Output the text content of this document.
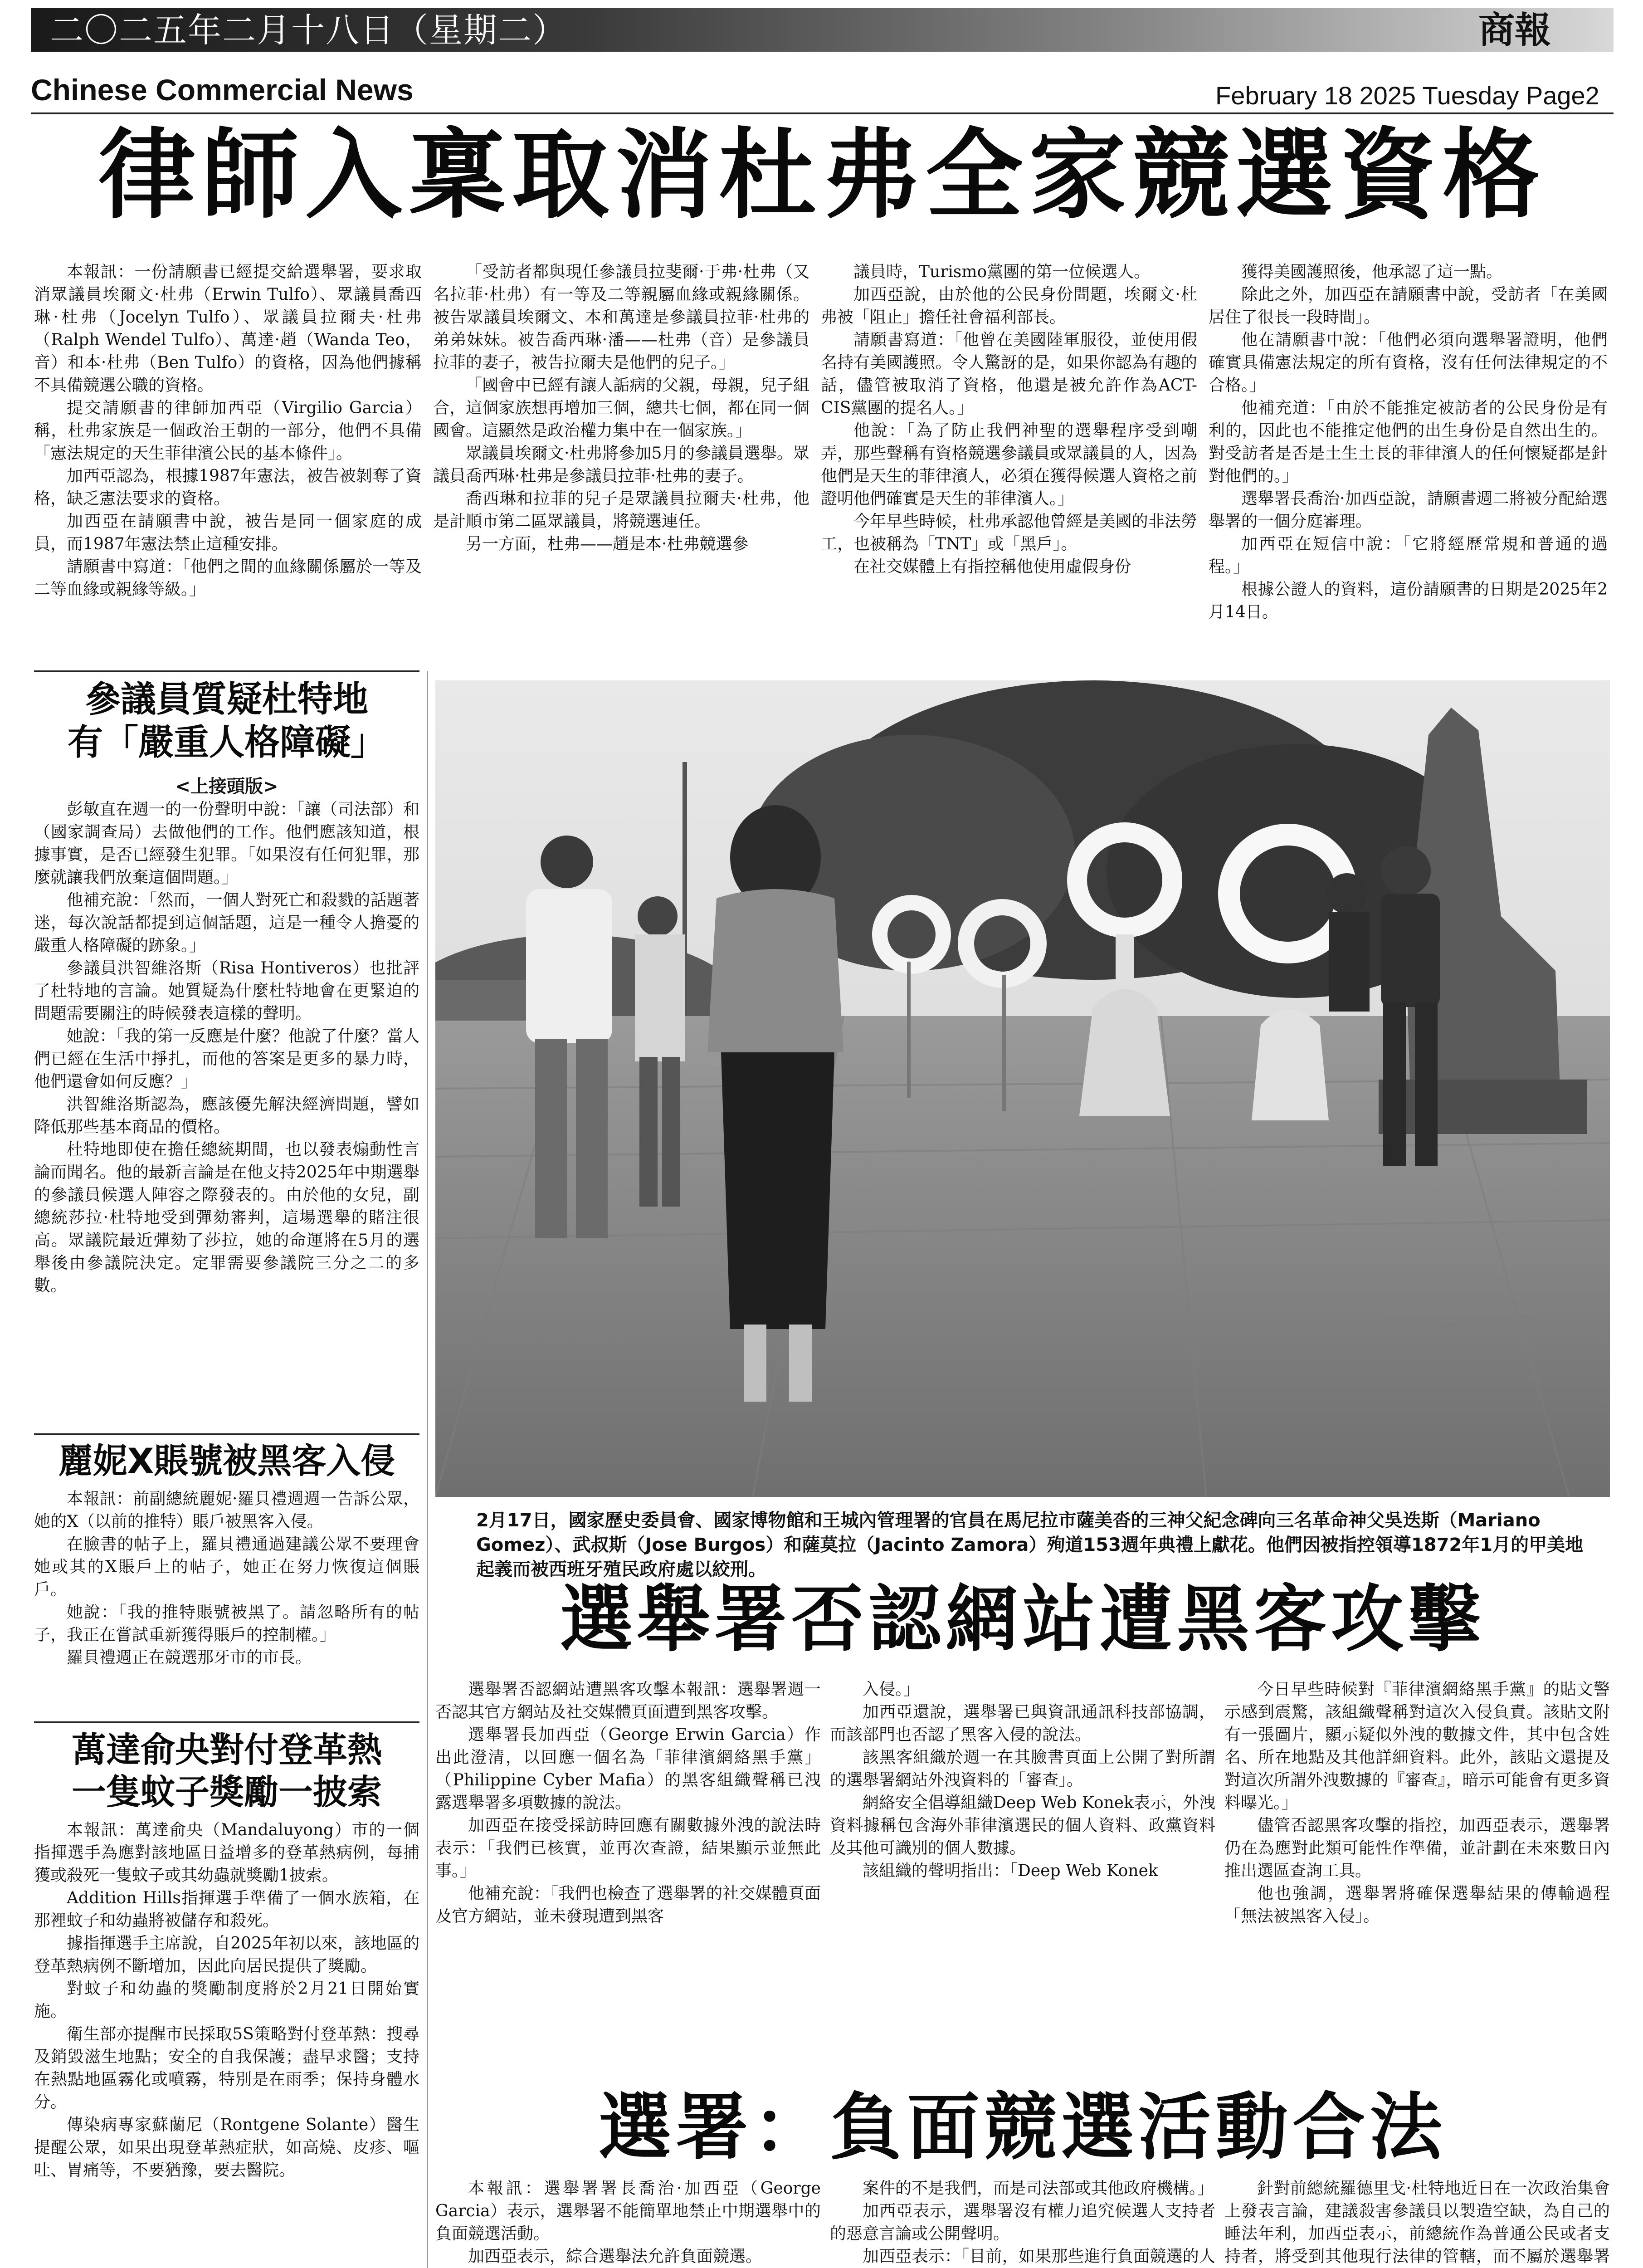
二〇二五年二月十八日（星期二）	商報
Chinese Commercial News	February 18 2025 Tuesday Page2
律師入稟取消杜弗全家競選資格

本報訊：一份請願書已經提交給選舉署，要求取消眾議員埃爾文·杜弗（Erwin Tulfo）、眾議員喬西琳·杜弗（Jocelyn Tulfo）、眾議員拉爾夫·杜弗（Ralph Wendel Tulfo）、萬達·趙（Wanda Teo，音）和本·杜弗（Ben Tulfo）的資格，因為他們據稱不具備競選公職的資格。

提交請願書的律師加西亞（Virgilio Garcia）稱，杜弗家族是一個政治王朝的一部分，他們不具備「憲法規定的天生菲律濱公民的基本條件」。

加西亞認為，根據1987年憲法，被告被剝奪了資格，缺乏憲法要求的資格。

加西亞在請願書中說，被告是同一個家庭的成員，而1987年憲法禁止這種安排。

請願書中寫道：「他們之間的血緣關係屬於一等及二等血緣或親緣等級。」

「受訪者都與現任參議員拉斐爾·于弗·杜弗（又名拉菲·杜弗）有一等及二等親屬血緣或親緣關係。被告眾議員埃爾文、本和萬達是參議員拉菲·杜弗的弟弟妹妹。被告喬西琳·潘——杜弗（音）是參議員拉菲的妻子，被告拉爾夫是他們的兒子。」

「國會中已經有讓人詬病的父親，母親，兒子組合，這個家族想再增加三個，總共七個，都在同一個國會。這顯然是政治權力集中在一個家族。」

眾議員埃爾文·杜弗將參加5月的參議員選舉。眾議員喬西琳·杜弗是參議員拉菲·杜弗的妻子。

喬西琳和拉菲的兒子是眾議員拉爾夫·杜弗，他是計順市第二區眾議員，將競選連任。

另一方面，杜弗——趙是本·杜弗競選參

議員時，Turismo黨團的第一位候選人。

加西亞說，由於他的公民身份問題，埃爾文·杜弗被「阻止」擔任社會福利部長。

請願書寫道：「他曾在美國陸軍服役，並使用假名持有美國護照。令人驚訝的是，如果你認為有趣的話，儘管被取消了資格，他還是被允許作為ACT-CIS黨團的提名人。」

他說：「為了防止我們神聖的選舉程序受到嘲弄，那些聲稱有資格競選參議員或眾議員的人，因為他們是天生的菲律濱人，必須在獲得候選人資格之前證明他們確實是天生的菲律濱人。」

今年早些時候，杜弗承認他曾經是美國的非法勞工，也被稱為「TNT」或「黑戶」。

在社交媒體上有指控稱他使用虛假身份

獲得美國護照後，他承認了這一點。

除此之外，加西亞在請願書中說，受訪者「在美國居住了很長一段時間」。

他在請願書中說：「他們必須向選舉署證明，他們確實具備憲法規定的所有資格，沒有任何法律規定的不合格。」

他補充道：「由於不能推定被訪者的公民身份是有利的，因此也不能推定他們的出生身份是自然出生的。對受訪者是否是土生土長的菲律濱人的任何懷疑都是針對他們的。」

選舉署長喬治·加西亞說，請願書週二將被分配給選舉署的一個分庭審理。

加西亞在短信中說：「它將經歷常規和普通的過程。」

根據公證人的資料，這份請願書的日期是2025年2月14日。

參議員質疑杜特地
有「嚴重人格障礙」
<上接頭版>

彭敏直在週一的一份聲明中說：「讓（司法部）和（國家調查局）去做他們的工作。他們應該知道，根據事實，是否已經發生犯罪。「如果沒有任何犯罪，那麼就讓我們放棄這個問題。」

他補充說：「然而，一個人對死亡和殺戮的話題著迷，每次說話都提到這個話題，這是一種令人擔憂的嚴重人格障礙的跡象。」

參議員洪智維洛斯（Risa Hontiveros）也批評了杜特地的言論。她質疑為什麼杜特地會在更緊迫的問題需要關注的時候發表這樣的聲明。

她說：「我的第一反應是什麼？他說了什麼？當人們已經在生活中掙扎，而他的答案是更多的暴力時，他們還會如何反應？」

洪智維洛斯認為，應該優先解決經濟問題，譬如降低那些基本商品的價格。

杜特地即使在擔任總統期間，也以發表煽動性言論而聞名。他的最新言論是在他支持2025年中期選舉的參議員候選人陣容之際發表的。由於他的女兒，副總統莎拉·杜特地受到彈劾審判，這場選舉的賭注很高。眾議院最近彈劾了莎拉，她的命運將在5月的選舉後由參議院決定。定罪需要參議院三分之二的多數。

麗妮X賬號被黑客入侵

本報訊：前副總統麗妮·羅貝禮週週一告訴公眾，她的X（以前的推特）賬戶被黑客入侵。

在臉書的帖子上，羅貝禮通過建議公眾不要理會她或其的X賬戶上的帖子，她正在努力恢復這個賬戶。

她說：「我的推特賬號被黑了。請忽略所有的帖子，我正在嘗試重新獲得賬戶的控制權。」

羅貝禮週正在競選那牙市的市長。

萬達俞央對付登革熱
一隻蚊子獎勵一披索

本報訊：萬達俞央（Mandaluyong）市的一個指揮選手為應對該地區日益增多的登革熱病例，每捕獲或殺死一隻蚊子或其幼蟲就獎勵1披索。

Addition Hills指揮選手準備了一個水族箱，在那裡蚊子和幼蟲將被儲存和殺死。

據指揮選手主席說，自2025年初以來，該地區的登革熱病例不斷增加，因此向居民提供了獎勵。

對蚊子和幼蟲的獎勵制度將於2月21日開始實施。

衛生部亦提醒市民採取5S策略對付登革熱：搜尋及銷毀滋生地點；安全的自我保護；盡早求醫；支持在熱點地區霧化或噴霧，特別是在雨季；保持身體水分。

傳染病專家蘇蘭尼（Rontgene Solante）醫生提醒公眾，如果出現登革熱症狀，如高燒、皮疹、嘔吐、胃痛等，不要猶豫，要去醫院。

2月17日，國家歷史委員會、國家博物館和王城內管理署的官員在馬尼拉市薩美沓的三神父紀念碑向三名革命神父吳迭斯（Mariano Gomez）、武叔斯（Jose Burgos）和薩莫拉（Jacinto Zamora）殉道153週年典禮上獻花。他們因被指控領導1872年1月的甲美地起義而被西班牙殖民政府處以絞刑。
選舉署否認網站遭黑客攻擊

選舉署否認網站遭黑客攻擊本報訊：選舉署週一否認其官方網站及社交媒體頁面遭到黑客攻擊。

選舉署長加西亞（George Erwin Garcia）作出此澄清，以回應一個名為「菲律濱網絡黑手黨」（Philippine Cyber Mafia）的黑客組織聲稱已洩露選舉署多項數據的說法。

加西亞在接受採訪時回應有關數據外洩的說法時表示：「我們已核實，並再次查證，結果顯示並無此事。」

他補充說：「我們也檢查了選舉署的社交媒體頁面及官方網站，並未發現遭到黑客

入侵。」

加西亞還說，選舉署已與資訊通訊科技部協調，而該部門也否認了黑客入侵的說法。

該黑客組織於週一在其臉書頁面上公開了對所謂的選舉署網站外洩資料的「審查」。

網絡安全倡導組織Deep Web Konek表示，外洩資料據稱包含海外菲律濱選民的個人資料、政黨資料及其他可識別的個人數據。

該組織的聲明指出：「Deep Web Konek

今日早些時候對『菲律濱網絡黑手黨』的貼文警示感到震驚，該組織聲稱對這次入侵負責。該貼文附有一張圖片，顯示疑似外洩的數據文件，其中包含姓名、所在地點及其他詳細資料。此外，該貼文還提及對這次所謂外洩數據的『審查』，暗示可能會有更多資料曝光。」

儘管否認黑客攻擊的指控，加西亞表示，選舉署仍在為應對此類可能性作準備，並計劃在未來數日內推出選區查詢工具。

他也強調，選舉署將確保選舉結果的傳輸過程「無法被黑客入侵」。

選署：負面競選活動合法

本報訊：選舉署署長喬治·加西亞（George Garcia）表示，選舉署不能簡單地禁止中期選舉中的負面競選活動。

加西亞表示，綜合選舉法允許負面競選。

案件的不是我們，而是司法部或其他政府機構。」

加西亞表示，選舉署沒有權力追究候選人支持者的惡意言論或公開聲明。

加西亞表示：「目前，如果那些進行負面競選的人

針對前總統羅德里戈·杜特地近日在一次政治集會上發表言論，建議殺害參議員以製造空缺，為自己的睡法年利，加西亞表示，前總統作為普通公民或者支持者，將受到其他現行法律的管轄，而不屬於選舉署
